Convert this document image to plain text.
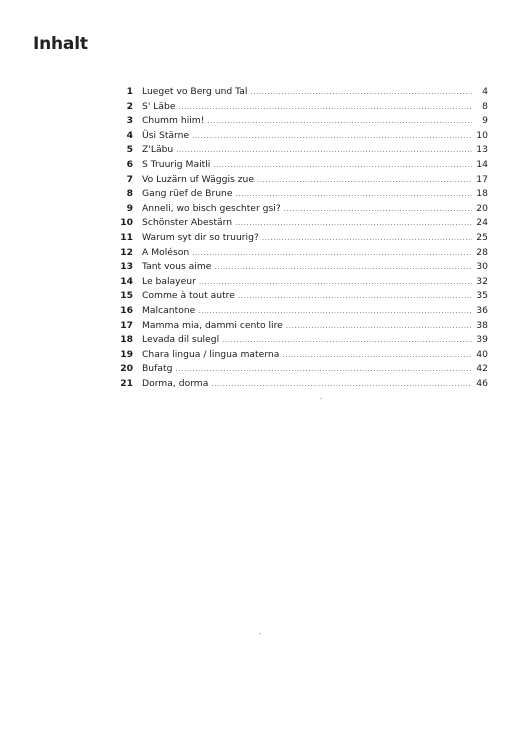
Inhalt
1 Lueget vo Berg und Tal .....	4
2 S' Läbe .....	8
3 Chumm hiim! .....	9
4 Üsi Stärne .....	10
5 Z'Läbu .....	13
6 S Truurig Maitli .....	14
7 Vo Luzärn uf Wäggis zue .....	17
8 Gang rüef de Brune .....	18
9 Anneli, wo bisch geschter gsi? .....	20
10 Schönster Abestärn .....	24
11 Warum syt dir so truurig? .....	25
12 A Moléson .....	28
13 Tant vous aime .....	30
14 Le balayeur .....	32
15 Comme à tout autre .....	35
16 Malcantone .....	36
17 Mamma mia, dammi cento lire .....	38
18 Levada dil sulegl .....	39
19 Chara lingua / lingua materna .....	40
20 Bufatg .....	42
21 Dorma, dorma .....	46
